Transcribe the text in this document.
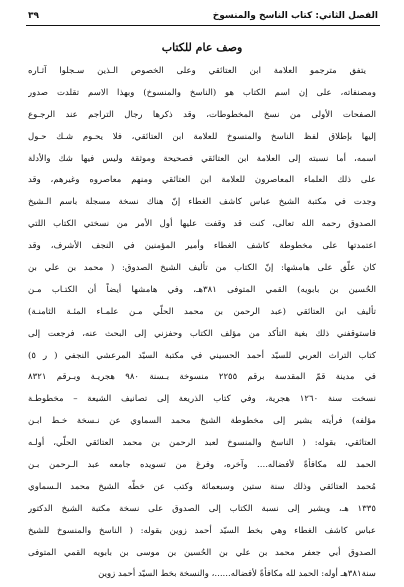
الفصل الثاني: كتاب الناسخ والمنسوخ
٣٩
وصف عام للكتاب
يتفق مترجمو العلامة ابن العتائقي وعلى الخصوص الـذين سـجلوا آثـاره
ومصنفاته، على إن اسم الكتاب هو (الناسخ والمنسوخ) وبهذا الاسم تقلدت صدور
الصفحات الأولى من نسخ المخطوطات، وقد ذكرها رجال التراجم عند الرجـوع
إليها بإطلاق لفظ الناسخ والمنسوخ للعلامة ابن العتائقي، فلا يحـوم شـك حـول
اسمه، أما نسبته إلى العلامة ابن العتائقي فصحيحة وموثقة وليس فيها شك والأدلة
على ذلك العلماء المعاصرون للعلامة ابن العتائقي ومنهم معاصروه وغيرهم، وقد
وجدت في مكتبة الشيخ عباس كاشف الغطاء إنّ هناك نسخة مسجلة باسم الـشيخ
الصدوق رحمه الله تعالى، كنت قد وقفت عليها أول الأمر من نسختي الكتاب اللتي
اعتمدتها على مخطوطة كاشف الغطاء وأمير المؤمنين في النجف الأشرف، وقد
كان علّق على هامشها: إنّ الكتاب من تأليف الشيخ الصدوق: ( محمد بن علي بن
الحُسين بن بابويه) القمي المتوفى ٣٨١هـ، وفي هامشها أيضاً أن الكتـاب مـن
تأليف ابن العتائقي (عبد الرحمن بن محمد الحلّي مـن علمـاء المئـة الثامنـة)
فاستوقفني ذلك بغية التأكد من مؤلف الكتاب وحفزني إلى البحث عنه، فرجعت إلى
كتاب التراث العربي للسيّد أحمد الحسيني في مكتبة السيّد المرعشي النجفي ( ر ٥)
في مدينة قمّ المقدسة برقم ٢٢٥٥ منسوخة بـسنة ٩٨٠ هجريـة وبـرقم ٨٣٢١
نسخت سنة ١٢٦٠ هجرية، وفي كتاب الذريعة إلى تصانيف الشيعة – مخطوطـة
مؤلفه) فرأيته يشير إلى مخطوطة الشيخ محمد السماوي عن نـسخة خـط ابـن
العتائقي، بقوله: ( الناسخ والمنسوخ لعبد الرحمن بن محمد العتائقي الحلّي، أولـه
الحمد لله مكافأةً لأفضاله.... وآخره، وفرغ من تسويده جامعه عبد الـرحمن بـن
مُحمد العتائقي وذلك سنة ستين وسبعمائة وكتب عن خطّه الشيخ محمد الـسماوي
١٣٣٥ هـ، ويشير إلى نسبة الكتاب إلى الصدوق على نسخة مكتبة الشيخ الدكتور
عباس كاشف الغطاء وهي بخط السيّد أحمد زوين بقوله: ( الناسخ والمنسوخ للشيخ
الصدوق أبي جعفر محمد بن علي بن الحُسين بن موسى بن بابويه القمي المتوفى
سنة٣٨١هـ أوله: الحمد لله مكافأةً لأفضاله......، والنسخة بخط السيّد أحمد زوين
